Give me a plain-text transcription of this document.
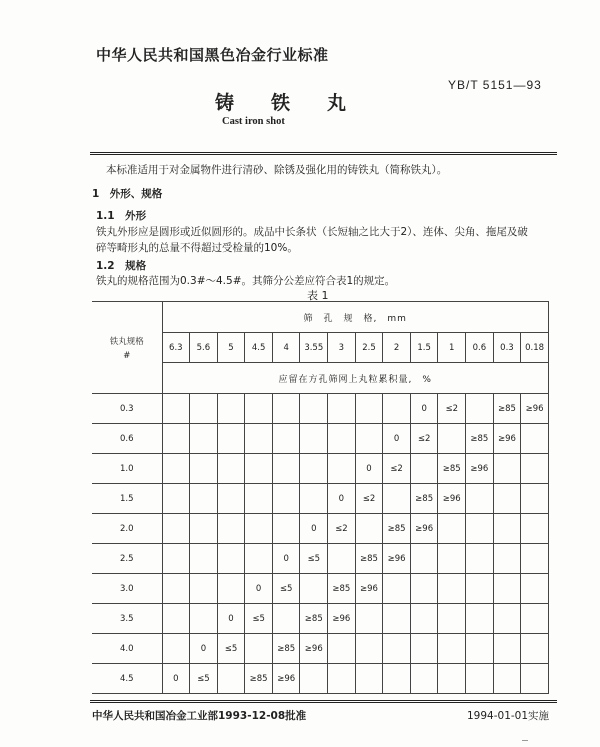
中华人民共和国黑色冶金行业标准
YB/T 5151—93
铸铁丸
Cast iron shot
本标准适用于对金属物件进行清砂、除锈及强化用的铸铁丸（简称铁丸）。
1　外形、规格
1.1　外形
铁丸外形应是圆形或近似圆形的。成品中长条状（长短轴之比大于2）、连体、尖角、拖尾及破
碎等畸形丸的总量不得超过受检量的10%。
1.2　规格
铁丸的规格范围为0.3#～4.5#。其筛分公差应符合表1的规定。
表 1
铁丸规格
#	筛　孔　规　格,　mm													
	6.3	5.6	5	4.5	4	3.55	3	2.5	2	1.5	1	0.6	0.3	0.18
	应留在方孔筛网上丸粒累积量,　%													
0.3										0	≤2		≥85	≥96
0.6									0	≤2		≥85	≥96	
1.0								0	≤2		≥85	≥96		
1.5							0	≤2		≥85	≥96			
2.0						0	≤2		≥85	≥96				
2.5					0	≤5		≥85	≥96					
3.0				0	≤5		≥85	≥96						
3.5			0	≤5		≥85	≥96							
4.0		0	≤5		≥85	≥96								
4.5	0	≤5		≥85	≥96									
中华人民共和国冶金工业部1993-12-08批准	1994-01-01实施
